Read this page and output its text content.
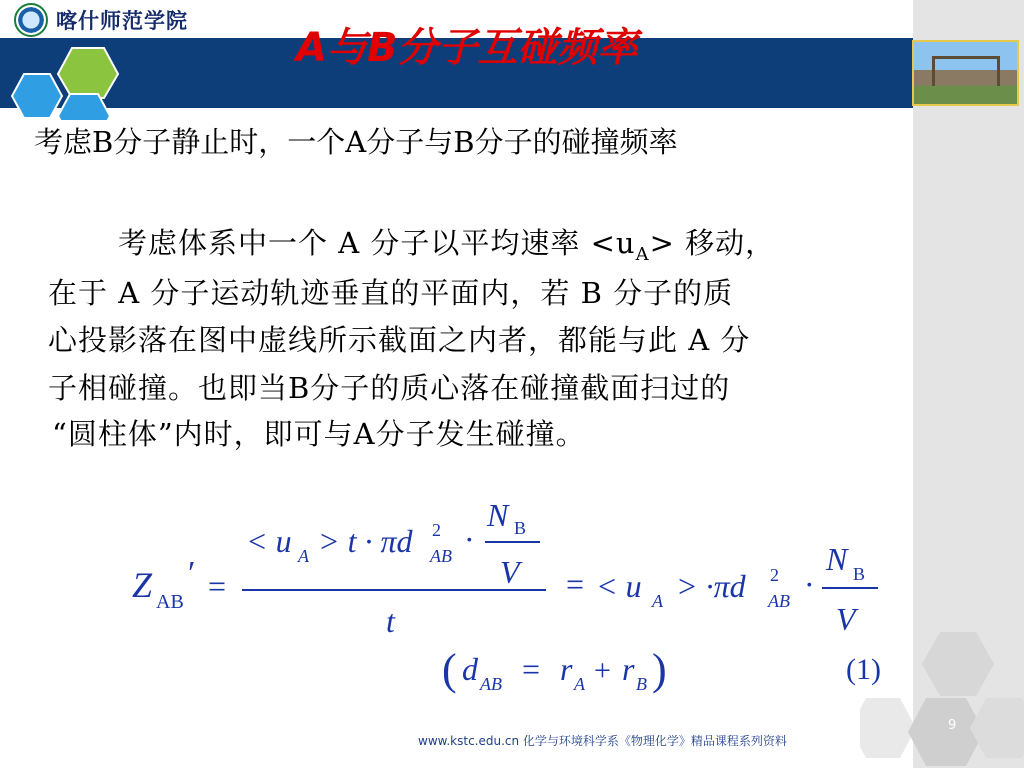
喀什师范学院
A与B分子互碰频率
考虑B分子静止时，一个A分子与B分子的碰撞频率
考虑体系中一个 A 分子以平均速率 $<u_A>$ 移动，
在于 A 分子运动轨迹垂直的平面内，若 B 分子的质
心投影落在图中虚线所示截面之内者，都能与此 A 分
子相碰撞。也即当B分子的质心落在碰撞截面扫过的
“圆柱体”内时，即可与A分子发生碰撞。
Z AB
′ =
< u A > t · πd 2
AB ·
N B
V
t
= < u A > ·πd 2
AB ·
N B
V
( d AB = r A + r B )	(1)
9
www.kstc.edu.cn 化学与环境科学系《物理化学》精品课程系列资料
